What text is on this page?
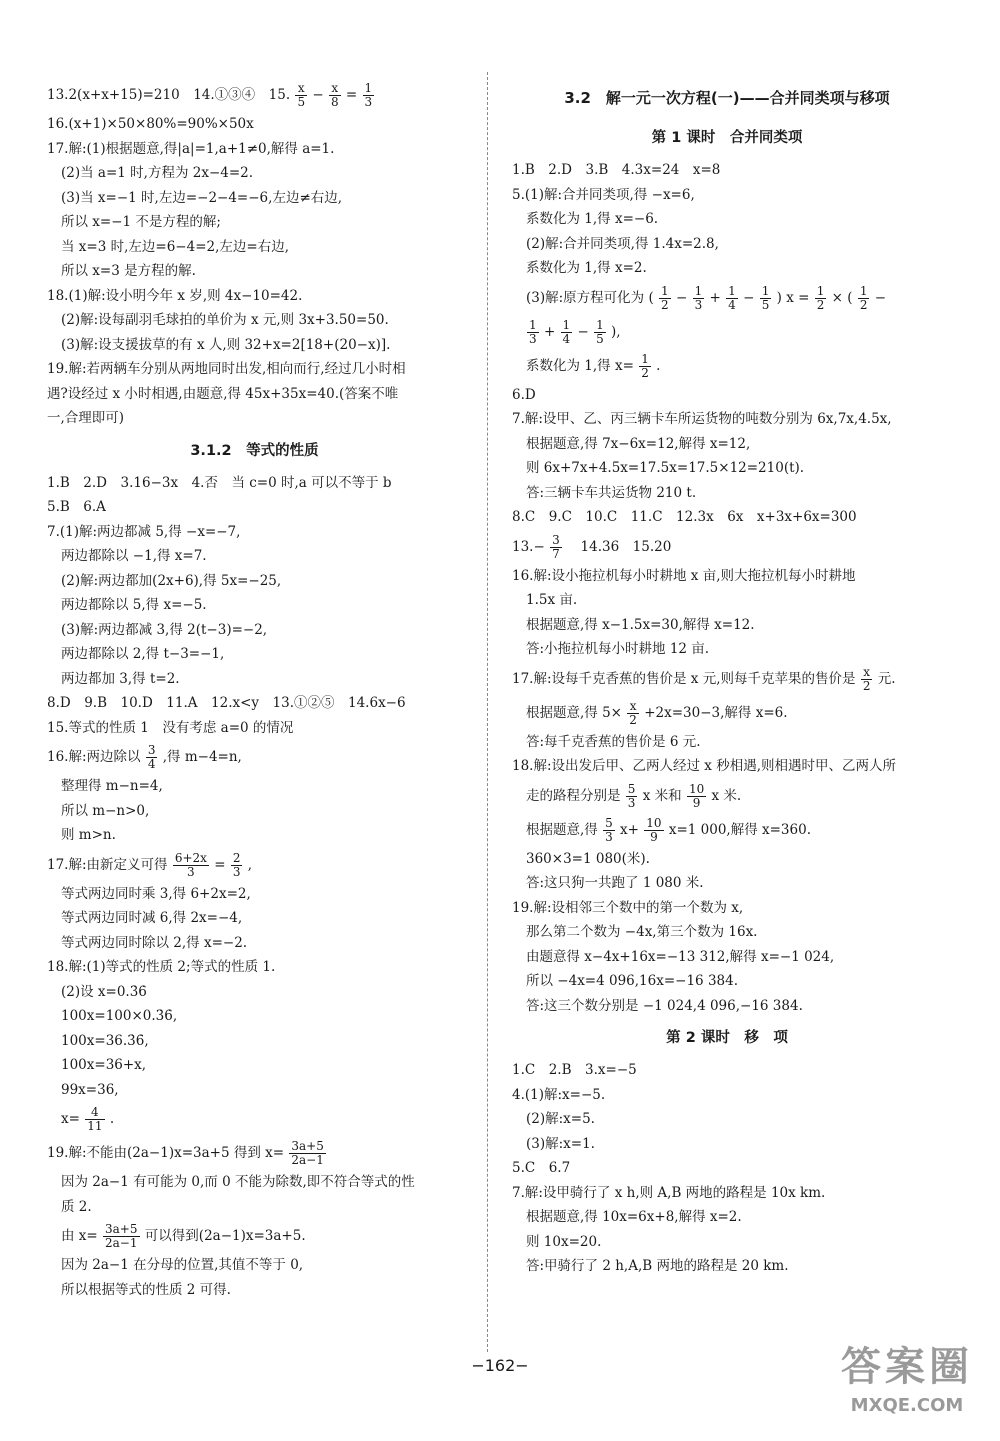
13.2(x+x+15)=210　14.①③④　15. $\frac{x}{5} - \frac{x}{8} = \frac{1}{3}$
16.(x+1)×50×80%=90%×50x
17.解:(1)根据题意,得|a|=1,a+1≠0,解得 a=1.
(2)当 a=1 时,方程为 2x−4=2.
(3)当 x=−1 时,左边=−2−4=−6,左边≠右边,
所以 x=−1 不是方程的解;
当 x=3 时,左边=6−4=2,左边=右边,
所以 x=3 是方程的解.
18.(1)解:设小明今年 x 岁,则 4x−10=42.
(2)解:设每副羽毛球拍的单价为 x 元,则 3x+3.50=50.
(3)解:设支援拔草的有 x 人,则 32+x=2[18+(20−x)].
19.解:若两辆车分别从两地同时出发,相向而行,经过几小时相
遇?设经过 x 小时相遇,由题意,得 45x+35x=40.(答案不唯
一,合理即可)
3.1.2　等式的性质
1.B　2.D　3.16−3x　4.否　当 c=0 时,a 可以不等于 b
5.B　6.A
7.(1)解:两边都减 5,得 −x=−7,
两边都除以 −1,得 x=7.
(2)解:两边都加(2x+6),得 5x=−25,
两边都除以 5,得 x=−5.
(3)解:两边都减 3,得 2(t−3)=−2,
两边都除以 2,得 t−3=−1,
两边都加 3,得 t=2.
8.D　9.B　10.D　11.A　12.x<y　13.①②⑤　14.6x−6
15.等式的性质 1　没有考虑 a=0 的情况
16.解:两边除以 $\frac{3}{4}$ ,得 m−4=n,
整理得 m−n=4,
所以 m−n>0,
则 m>n.
17.解:由新定义可得 $\frac{6+2x}{3} = \frac{2}{3}$ ,
等式两边同时乘 3,得 6+2x=2,
等式两边同时减 6,得 2x=−4,
等式两边同时除以 2,得 x=−2.
18.解:(1)等式的性质 2;等式的性质 1.
(2)设 x=0.3̇6̇
100x=100×0.3̇6̇,
100x=36.3̇6̇,
100x=36+x,
99x=36,
$x= \frac{4}{11}$ .
19.解:不能由(2a−1)x=3a+5 得到 $x= \frac{3a+5}{2a-1}$
因为 2a−1 有可能为 0,而 0 不能为除数,即不符合等式的性
质 2.
由 $x= \frac{3a+5}{2a-1}$ 可以得到(2a−1)x=3a+5.
因为 2a−1 在分母的位置,其值不等于 0,
所以根据等式的性质 2 可得.
3.2　解一元一次方程(一)——合并同类项与移项
第 1 课时　合并同类项
1.B　2.D　3.B　4.3x=24　x=8
5.(1)解:合并同类项,得 −x=6,
系数化为 1,得 x=−6.
(2)解:合并同类项,得 1.4x=2.8,
系数化为 1,得 x=2.
(3)解:原方程可化为 ( $\frac{1}{2} - \frac{1}{3} + \frac{1}{4} - \frac{1}{5}$ ) $x = \frac{1}{2}$ × ( $\frac{1}{2}$ −
$\frac{1}{3} + \frac{1}{4} - \frac{1}{5}$ ),
系数化为 1,得 $x= \frac{1}{2}$ .
6.D
7.解:设甲、乙、丙三辆卡车所运货物的吨数分别为 6x,7x,4.5x,
根据题意,得 7x−6x=12,解得 x=12,
则 6x+7x+4.5x=17.5x=17.5×12=210(t).
答:三辆卡车共运货物 210 t.
8.C　9.C　10.C　11.C　12.3x　6x　x+3x+6x=300
$13.- \frac{3}{7}$ 　14.36　15.20
16.解:设小拖拉机每小时耕地 x 亩,则大拖拉机每小时耕地
1.5x 亩.
根据题意,得 x−1.5x=30,解得 x=12.
答:小拖拉机每小时耕地 12 亩.
17.解:设每千克香蕉的售价是 x 元,则每千克苹果的售价是 $\frac{x}{2}$ 元.
根据题意,得 $5\times \frac{x}{2} +2x=30-3$,解得 x=6.
答:每千克香蕉的售价是 6 元.
18.解:设出发后甲、乙两人经过 x 秒相遇,则相遇时甲、乙两人所
走的路程分别是 $\frac{5}{3}$ x 米和 $\frac{10}{9}$ x 米.
根据题意,得 $\frac{5}{3} x+ \frac{10}{9} x=1$ 000,解得 x=360.
360×3=1 080(米).
答:这只狗一共跑了 1 080 米.
19.解:设相邻三个数中的第一个数为 x,
那么第二个数为 −4x,第三个数为 16x.
由题意得 x−4x+16x=−13 312,解得 x=−1 024,
所以 −4x=4 096,16x=−16 384.
答:这三个数分别是 −1 024,4 096,−16 384.
第 2 课时　移　项
1.C　2.B　3.x=−5
4.(1)解:x=−5.
(2)解:x=5.
(3)解:x=1.
5.C　6.7
7.解:设甲骑行了 x h,则 A,B 两地的路程是 10x km.
根据题意,得 10x=6x+8,解得 x=2.
则 10x=20.
答:甲骑行了 2 h,A,B 两地的路程是 20 km.
−162−	答案圈
MXQE.COM
